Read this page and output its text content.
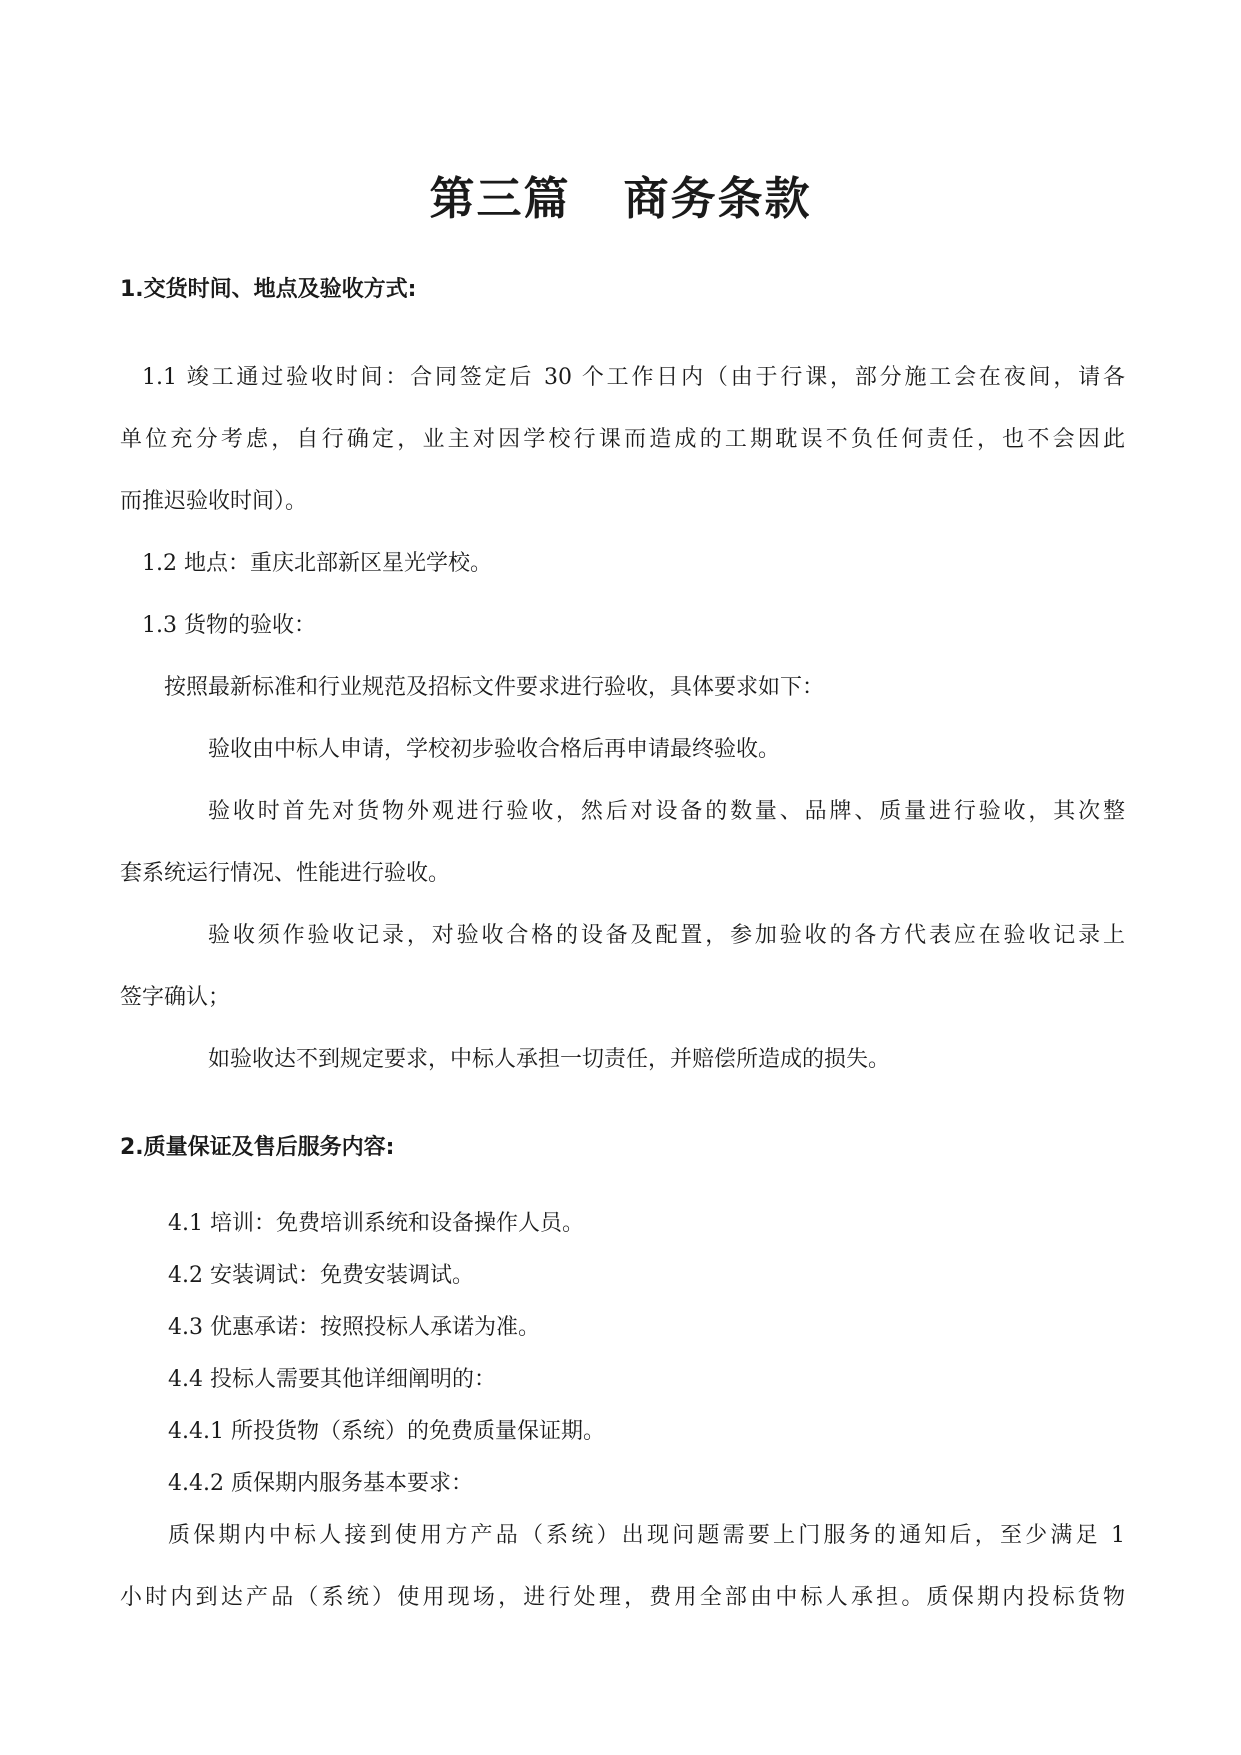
第三篇   商务条款
1.交货时间、地点及验收方式:
1.1 竣工通过验收时间：合同签定后 30 个工作日内（由于行课，部分施工会在夜间，请各
单位充分考虑，自行确定，业主对因学校行课而造成的工期耽误不负任何责任，也不会因此
而推迟验收时间）。
1.2 地点：重庆北部新区星光学校。
1.3 货物的验收：
按照最新标准和行业规范及招标文件要求进行验收，具体要求如下：
验收由中标人申请，学校初步验收合格后再申请最终验收。
验收时首先对货物外观进行验收，然后对设备的数量、品牌、质量进行验收，其次整
套系统运行情况、性能进行验收。
验收须作验收记录，对验收合格的设备及配置，参加验收的各方代表应在验收记录上
签字确认；
如验收达不到规定要求，中标人承担一切责任，并赔偿所造成的损失。
2.质量保证及售后服务内容:
4.1 培训：免费培训系统和设备操作人员。
4.2 安装调试：免费安装调试。
4.3 优惠承诺：按照投标人承诺为准。
4.4 投标人需要其他详细阐明的：
4.4.1 所投货物（系统）的免费质量保证期。
4.4.2 质保期内服务基本要求：
质保期内中标人接到使用方产品（系统）出现问题需要上门服务的通知后，至少满足 1
小时内到达产品（系统）使用现场，进行处理，费用全部由中标人承担。质保期内投标货物
